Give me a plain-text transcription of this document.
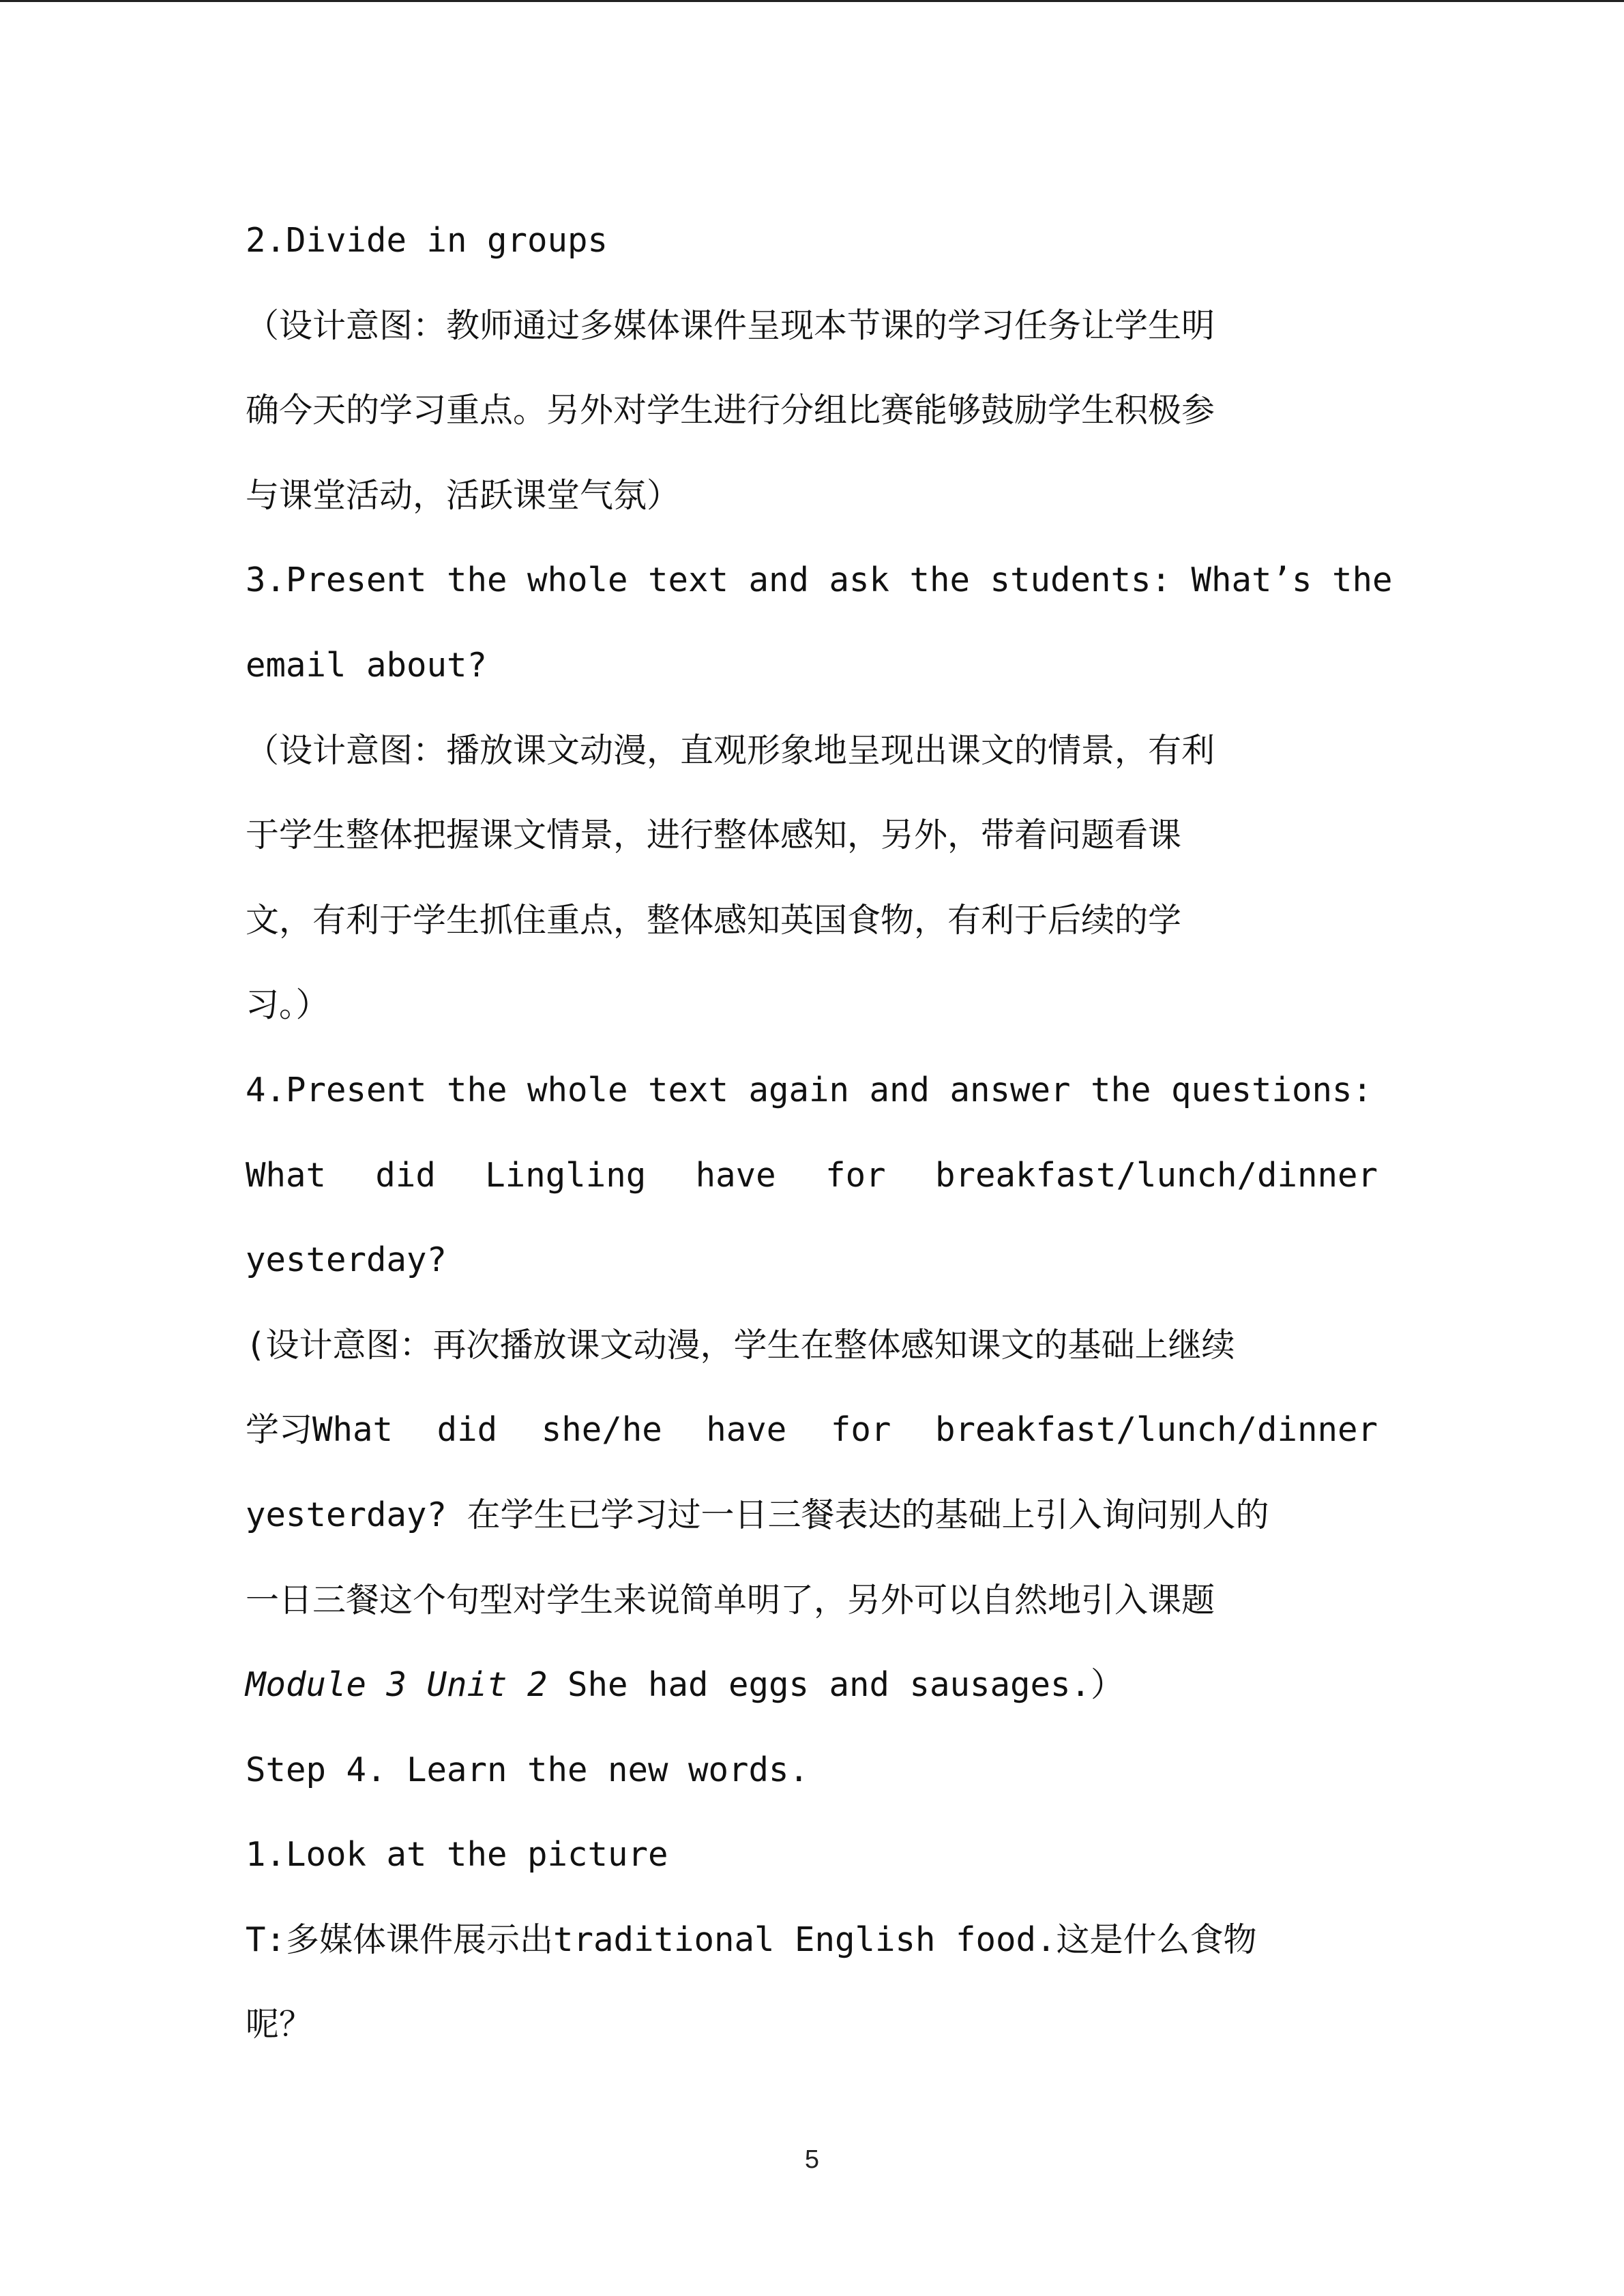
2.Divide in groups
（设计意图：教师通过多媒体课件呈现本节课的学习任务让学生明
确今天的学习重点。另外对学生进行分组比赛能够鼓励学生积极参
与课堂活动，活跃课堂气氛）
3.Present the whole text and ask the students: What’s the
email about?
（设计意图：播放课文动漫，直观形象地呈现出课文的情景，有利
于学生整体把握课文情景，进行整体感知，另外，带着问题看课
文，有利于学生抓住重点，整体感知英国食物，有利于后续的学
习。）
4.Present the whole text again and answer the questions:
What did Lingling have for breakfast/lunch/dinner
yesterday?
(设计意图：再次播放课文动漫，学生在整体感知课文的基础上继续
学习What did she/he have for breakfast/lunch/dinner
yesterday? 在学生已学习过一日三餐表达的基础上引入询问别人的
一日三餐这个句型对学生来说简单明了，另外可以自然地引入课题
Module 3 Unit 2 She had eggs and sausages.）
Step 4. Learn the new words.
1.Look at the picture
T:多媒体课件展示出traditional English food.这是什么食物
呢？
5
